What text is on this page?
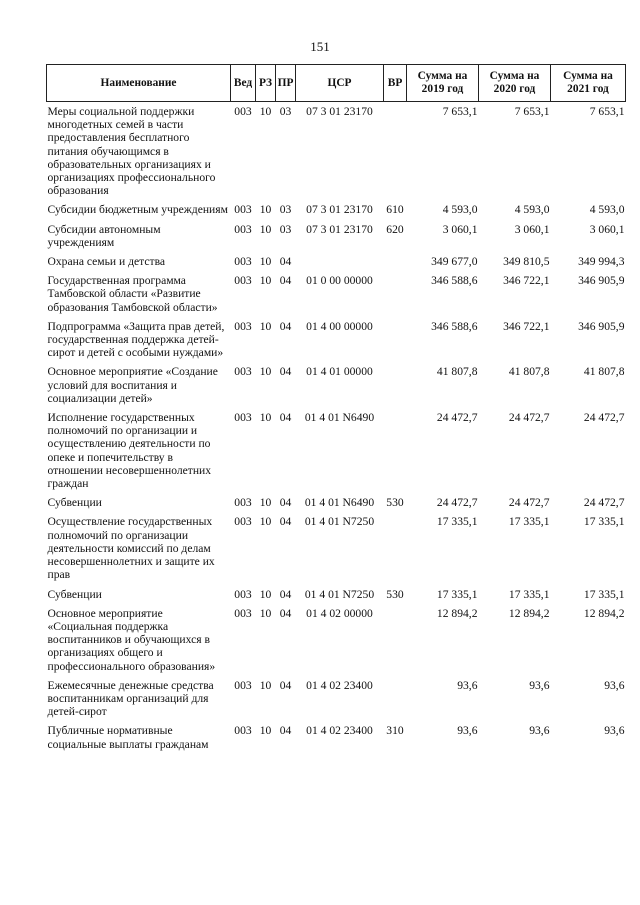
151
Наименование	Вед	РЗ	ПР	ЦСР	ВР	Сумма на 2019 год	Сумма на 2020 год	Сумма на 2021 год
Меры социальной поддержки многодетных семей в части предоставления бесплатного питания обучающимся в образовательных организациях и организациях профессионального образования	003	10	03	07 3 01 23170		7 653,1	7 653,1	7 653,1
Субсидии бюджетным учреждениям	003	10	03	07 3 01 23170	610	4 593,0	4 593,0	4 593,0
Субсидии автономным учреждениям	003	10	03	07 3 01 23170	620	3 060,1	3 060,1	3 060,1
Охрана семьи и детства	003	10	04			349 677,0	349 810,5	349 994,3
Государственная программа Тамбовской области «Развитие образования Тамбовской области»	003	10	04	01 0 00 00000		346 588,6	346 722,1	346 905,9
Подпрограмма «Защита прав детей, государственная поддержка детей-сирот и детей с особыми нуждами»	003	10	04	01 4 00 00000		346 588,6	346 722,1	346 905,9
Основное мероприятие «Создание условий для воспитания и социализации детей»	003	10	04	01 4 01 00000		41 807,8	41 807,8	41 807,8
Исполнение государственных полномочий по организации и осуществлению деятельности по опеке и попечительству в отношении несовершеннолетних граждан	003	10	04	01 4 01 N6490		24 472,7	24 472,7	24 472,7
Субвенции	003	10	04	01 4 01 N6490	530	24 472,7	24 472,7	24 472,7
Осуществление государственных полномочий по организации деятельности комиссий по делам несовершеннолетних и защите их прав	003	10	04	01 4 01 N7250		17 335,1	17 335,1	17 335,1
Субвенции	003	10	04	01 4 01 N7250	530	17 335,1	17 335,1	17 335,1
Основное мероприятие «Социальная поддержка воспитанников и обучающихся в организациях общего и профессионального образования»	003	10	04	01 4 02 00000		12 894,2	12 894,2	12 894,2
Ежемесячные денежные средства воспитанникам организаций для детей-сирот	003	10	04	01 4 02 23400		93,6	93,6	93,6
Публичные нормативные социальные выплаты гражданам	003	10	04	01 4 02 23400	310	93,6	93,6	93,6
